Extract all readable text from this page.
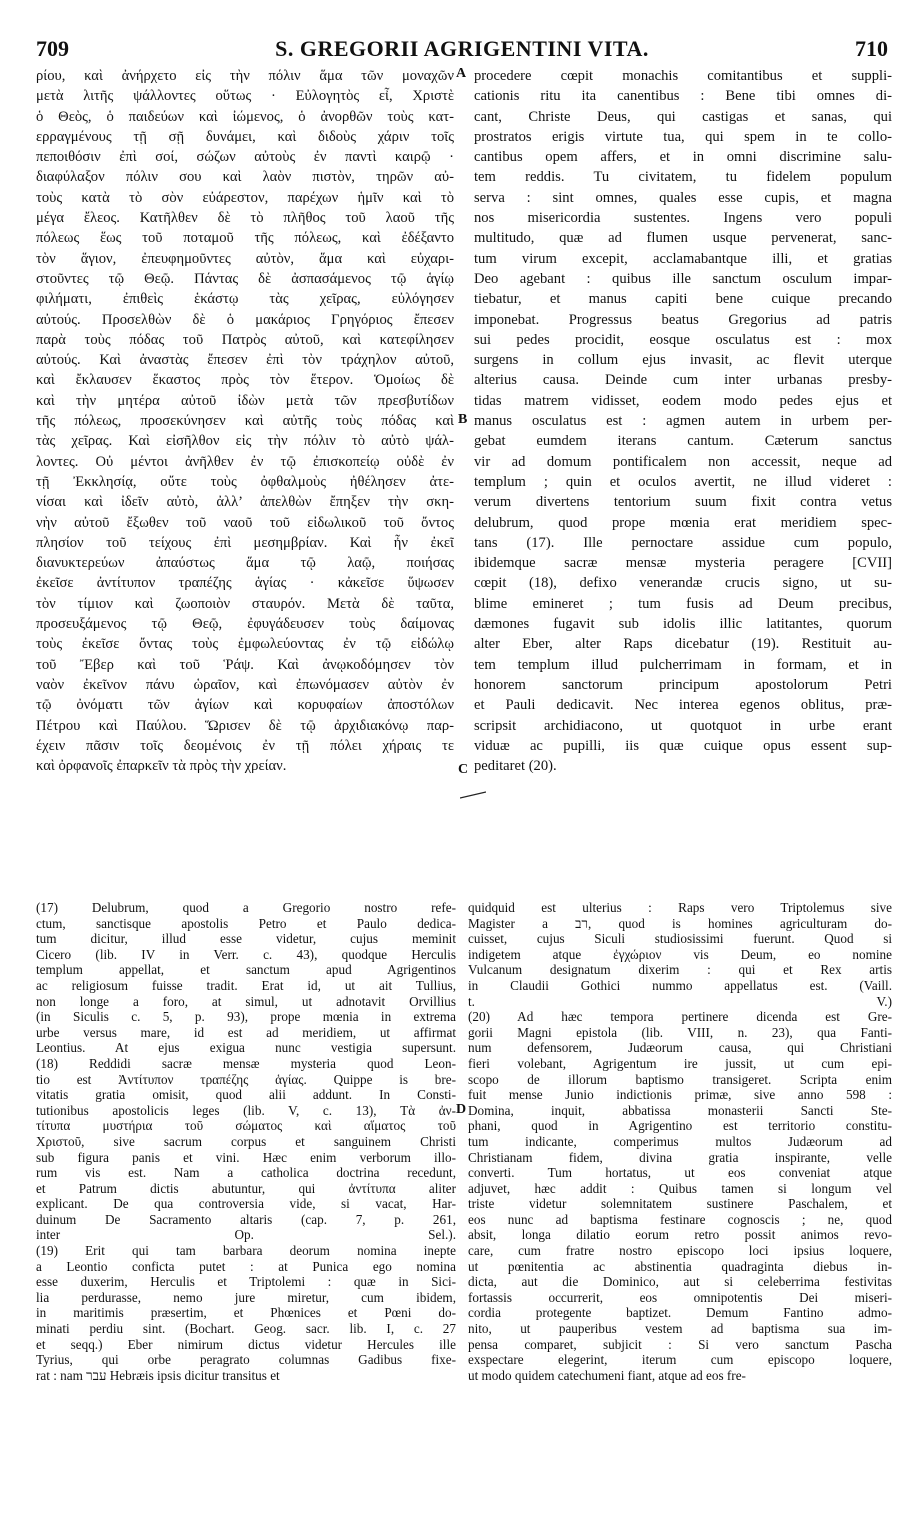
709	S. GREGORII AGRIGENTINI VITA.	710
ρίου, καὶ ἀνήρχετο εἰς τὴν πόλιν ἅμα τῶν μοναχῶν
μετὰ λιτῆς ψάλλοντες οὕτως · Εὐλογητὸς εἶ, Χριστὲ
ὁ Θεὸς, ὁ παιδεύων καὶ ἰώμενος, ὁ ἀνορθῶν τοὺς κατ-
ερραγμένους τῇ σῇ δυνάμει, καὶ διδοὺς χάριν τοῖς
πεποιθόσιν ἐπὶ σοί, σώζων αὐτοὺς ἐν παντὶ καιρῷ ·
διαφύλαξον πόλιν σου καὶ λαὸν πιστὸν, τηρῶν αὐ-
τοὺς κατὰ τὸ σὸν εὐάρεστον, παρέχων ἡμῖν καὶ τὸ
μέγα ἔλεος. Κατῆλθεν δὲ τὸ πλῆθος τοῦ λαοῦ τῆς
πόλεως ἕως τοῦ ποταμοῦ τῆς πόλεως, καὶ ἐδέξαντο
τὸν ἅγιον, ἐπευφημοῦντες αὐτὸν, ἅμα καὶ εὐχαρι-
στοῦντες τῷ Θεῷ. Πάντας δὲ ἀσπασάμενος τῷ ἁγίῳ
φιλήματι, ἐπιθεὶς ἑκάστῳ τὰς χεῖρας, εὐλόγησεν
αὐτούς. Προσελθὼν δὲ ὁ μακάριος Γρηγόριος ἔπεσεν
παρὰ τοὺς πόδας τοῦ Πατρὸς αὐτοῦ, καὶ κατεφίλησεν
αὐτούς. Καὶ ἀναστὰς ἔπεσεν ἐπὶ τὸν τράχηλον αὐτοῦ,
καὶ ἔκλαυσεν ἕκαστος πρὸς τὸν ἕτερον. Ὁμοίως δὲ
καὶ τὴν μητέρα αὐτοῦ ἰδὼν μετὰ τῶν πρεσβυτίδων
τῆς πόλεως, προσεκύνησεν καὶ αὐτῆς τοὺς πόδας καὶ
τὰς χεῖρας. Καὶ εἰσῆλθον εἰς τὴν πόλιν τὸ αὐτὸ ψάλ-
λοντες. Οὐ μέντοι ἀνῆλθεν ἐν τῷ ἐπισκοπείῳ οὐδὲ ἐν
τῇ Ἐκκλησίᾳ, οὔτε τοὺς ὀφθαλμοὺς ἠθέλησεν ἀτε-
νίσαι καὶ ἰδεῖν αὐτὸ, ἀλλ’ ἀπελθὼν ἔπηξεν τὴν σκη-
νὴν αὐτοῦ ἔξωθεν τοῦ ναοῦ τοῦ εἰδωλικοῦ τοῦ ὄντος
πλησίον τοῦ τείχους ἐπὶ μεσημβρίαν. Καὶ ἦν ἐκεῖ
διανυκτερεύων ἀπαύστως ἅμα τῷ λαῷ, ποιήσας
ἐκεῖσε ἀντίτυπον τραπέζης ἁγίας · κἀκεῖσε ὕψωσεν
τὸν τίμιον καὶ ζωοποιὸν σταυρόν. Μετὰ δὲ ταῦτα,
προσευξάμενος τῷ Θεῷ, ἐφυγάδευσεν τοὺς δαίμονας
τοὺς ἐκεῖσε ὄντας τοὺς ἐμφωλεύοντας ἐν τῷ εἰδώλῳ
τοῦ Ἔβερ καὶ τοῦ Ῥάψ. Καὶ ἀνῳκοδόμησεν τὸν
ναὸν ἐκεῖνον πάνυ ὡραῖον, καὶ ἐπωνόμασεν αὐτὸν ἐν
τῷ ὀνόματι τῶν ἁγίων καὶ κορυφαίων ἀποστόλων
Πέτρου καὶ Παύλου. Ὥρισεν δὲ τῷ ἀρχιδιακόνῳ παρ-
έχειν πᾶσιν τοῖς δεομένοις ἐν τῇ πόλει χήραις τε
καὶ ὀρφανοῖς ἐπαρκεῖν τὰ πρὸς τὴν χρείαν.
procedere cœpit monachis comitantibus et suppli-
cationis ritu ita canentibus : Bene tibi omnes di-
cant, Christe Deus, qui castigas et sanas, qui
prostratos erigis virtute tua, qui spem in te collo-
cantibus opem affers, et in omni discrimine salu-
tem reddis. Tu civitatem, tu fidelem populum
serva : sint omnes, quales esse cupis, et magna
nos misericordia sustentes. Ingens vero populi
multitudo, quæ ad flumen usque pervenerat, sanc-
tum virum excepit, acclamabantque illi, et gratias
Deo agebant : quibus ille sanctum osculum impar-
tiebatur, et manus capiti bene cuique precando
imponebat. Progressus beatus Gregorius ad patris
sui pedes procidit, eosque osculatus est : mox
surgens in collum ejus invasit, ac flevit uterque
alterius causa. Deinde cum inter urbanas presby-
tidas matrem vidisset, eodem modo pedes ejus et
manus osculatus est : agmen autem in urbem per-
gebat eumdem iterans cantum. Cæterum sanctus
vir ad domum pontificalem non accessit, neque ad
templum ; quin et oculos avertit, ne illud videret :
verum divertens tentorium suum fixit contra vetus
delubrum, quod prope mœnia erat meridiem spec-
tans (17). Ille pernoctare assidue cum populo,
ibidemque sacræ mensæ mysteria peragere [CVII]
cœpit (18), defixo venerandæ crucis signo, ut su-
blime emineret ; tum fusis ad Deum precibus,
dæmones fugavit sub idolis illic latitantes, quorum
alter Eber, alter Raps dicebatur (19). Restituit au-
tem templum illud pulcherrimam in formam, et in
honorem sanctorum principum apostolorum Petri
et Pauli dedicavit. Nec interea egenos oblitus, præ-
scripsit archidiacono, ut quotquot in urbe erant
viduæ ac pupilli, iis quæ cuique opus essent sup-
peditaret (20).
A
B
C
D
(17) Delubrum, quod a Gregorio nostro refe-
ctum, sanctisque apostolis Petro et Paulo dedica-
tum dicitur, illud esse videtur, cujus meminit
Cicero (lib. IV in Verr. c. 43), quodque Herculis
templum appellat, et sanctum apud Agrigentinos
ac religiosum fuisse tradit. Erat id, ut ait Tullius,
non longe a foro, at simul, ut adnotavit Orvillius
(in Siculis c. 5, p. 93), prope mœnia in extrema
urbe versus mare, id est ad meridiem, ut affirmat
Leontius. At ejus exigua nunc vestigia supersunt.
(18) Reddidi sacræ mensæ mysteria quod Leon-
tio est Ἀντίτυπον τραπέζης ἁγίας. Quippe is bre-
vitatis gratia omisit, quod alii addunt. In Consti-
tutionibus apostolicis leges (lib. V, c. 13), Τὰ ἀν-
τίτυπα μυστήρια τοῦ σώματος καὶ αἵματος τοῦ
Χριστοῦ, sive sacrum corpus et sanguinem Christi
sub figura panis et vini. Hæc enim verborum illo-
rum vis est. Nam a catholica doctrina recedunt,
et Patrum dictis abutuntur, qui ἀντίτυπα aliter
explicant. De qua controversia vide, si vacat, Har-
duinum De Sacramento altaris (cap. 7, p. 261,
inter Op. Sel.).
(19) Erit qui tam barbara deorum nomina inepte
a Leontio conficta putet : at Punica ego nomina
esse duxerim, Herculis et Triptolemi : quæ in Sici-
lia perdurasse, nemo jure miretur, cum ibidem,
in maritimis præsertim, et Phœnices et Pœni do-
minati perdiu sint. (Bochart. Geog. sacr. lib. I, c. 27
et seqq.) Eber nimirum dictus videtur Hercules ille
Tyrius, qui orbe peragrato columnas Gadibus fixe-
rat : nam עבר Hebræis ipsis dicitur transitus et
quidquid est ulterius : Raps vero Triptolemus sive
Magister a רב, quod is homines agriculturam do-
cuisset, cujus Siculi studiosissimi fuerunt. Quod si
indigetem atque ἐγχώριον vis Deum, eo nomine
Vulcanum designatum dixerim : qui et Rex artis
in Claudii Gothici nummo appellatus est. (Vaill.
t. V.)
(20) Ad hæc tempora pertinere dicenda est Gre-
gorii Magni epistola (lib. VIII, n. 23), qua Fanti-
num defensorem, Judæorum causa, qui Christiani
fieri volebant, Agrigentum ire jussit, ut cum epi-
scopo de illorum baptismo transigeret. Scripta enim
fuit mense Junio indictionis primæ, sive anno 598 :
Domina, inquit, abbatissa monasterii Sancti Ste-
phani, quod in Agrigentino est territorio constitu-
tum indicante, comperimus multos Judæorum ad
Christianam fidem, divina gratia inspirante, velle
converti. Tum hortatus, ut eos conveniat atque
adjuvet, hæc addit : Quibus tamen si longum vel
triste videtur solemnitatem sustinere Paschalem, et
eos nunc ad baptisma festinare cognoscis ; ne, quod
absit, longa dilatio eorum retro possit animos revo-
care, cum fratre nostro episcopo loci ipsius loquere,
ut pœnitentia ac abstinentia quadraginta diebus in-
dicta, aut die Dominico, aut si celeberrima festivitas
fortassis occurrerit, eos omnipotentis Dei miseri-
cordia protegente baptizet. Demum Fantino admo-
nito, ut pauperibus vestem ad baptisma sua im-
pensa comparet, subjicit : Si vero sanctum Pascha
exspectare elegerint, iterum cum episcopo loquere,
ut modo quidem catechumeni fiant, atque ad eos fre-
